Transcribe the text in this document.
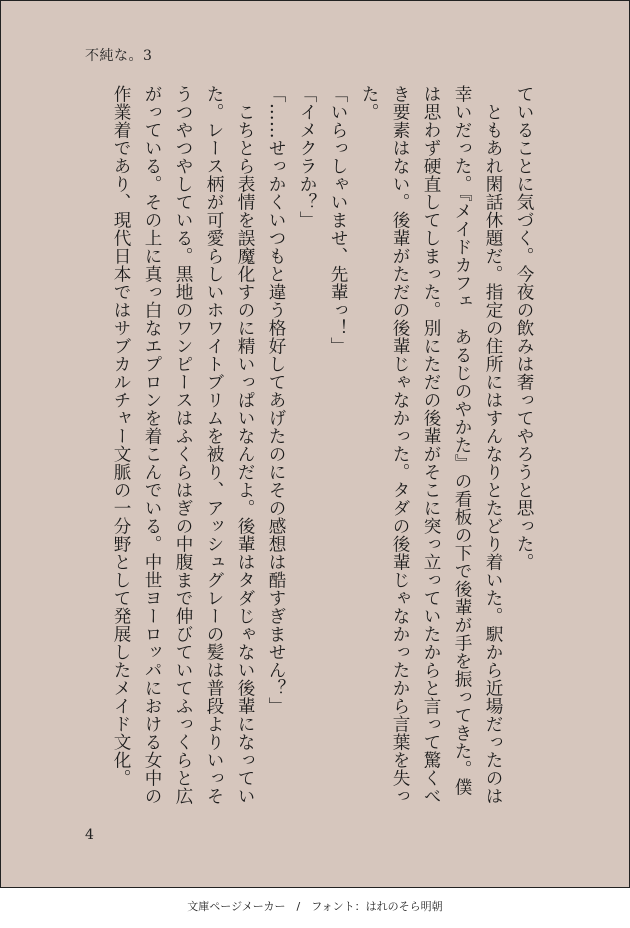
不純な。3

ていることに気づく。今夜の飲みは奢ってやろうと思った。

　ともあれ閑話休題だ。指定の住所にはすんなりとたどり着いた。駅から近場だったのは幸いだった。『メイドカフェ　あるじのやかた』の看板の下で後輩が手を振ってきた。僕は思わず硬直してしまった。別にただの後輩がそこに突っ立っていたからと言って驚くべき要素はない。後輩がただの後輩じゃなかった。タダの後輩じゃなかったから言葉を失った。

「いらっしゃいませ、先輩っ！」

「イメクラか？」

「……せっかくいつもと違う格好してあげたのにその感想は酷すぎません？」

　こちとら表情を誤魔化すのに精いっぱいなんだよ。後輩はタダじゃない後輩になっていた。レース柄が可愛らしいホワイトブリムを被り、アッシュグレーの髪は普段よりいっそうつやつやしている。黒地のワンピースはふくらはぎの中腹まで伸びていてふっくらと広がっている。その上に真っ白なエプロンを着こんでいる。中世ヨーロッパにおける女中の作業着であり、現代日本ではサブカルチャー文脈の一分野として発展したメイド文化。

4
文庫ページメーカー　/　フォント：はれのそら明朝
